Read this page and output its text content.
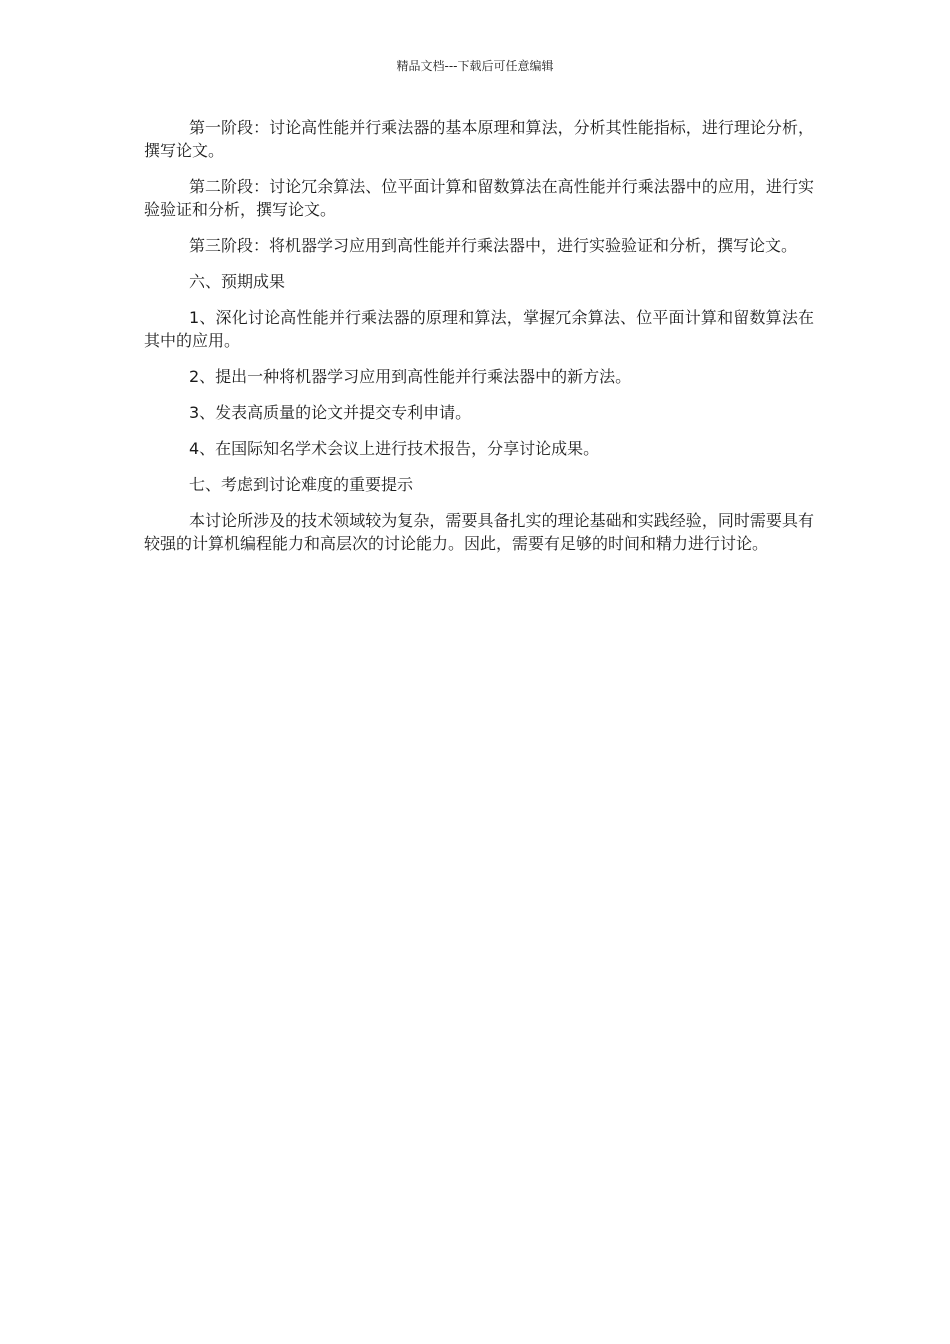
精品文档---下载后可任意编辑

第一阶段：讨论高性能并行乘法器的基本原理和算法，分析其性能指标，进行理论分析，撰写论文。

第二阶段：讨论冗余算法、位平面计算和留数算法在高性能并行乘法器中的应用，进行实验验证和分析，撰写论文。

第三阶段：将机器学习应用到高性能并行乘法器中，进行实验验证和分析，撰写论文。

六、预期成果

1、深化讨论高性能并行乘法器的原理和算法，掌握冗余算法、位平面计算和留数算法在其中的应用。

2、提出一种将机器学习应用到高性能并行乘法器中的新方法。

3、发表高质量的论文并提交专利申请。

4、在国际知名学术会议上进行技术报告，分享讨论成果。

七、考虑到讨论难度的重要提示

本讨论所涉及的技术领域较为复杂，需要具备扎实的理论基础和实践经验，同时需要具有较强的计算机编程能力和高层次的讨论能力。因此，需要有足够的时间和精力进行讨论。
